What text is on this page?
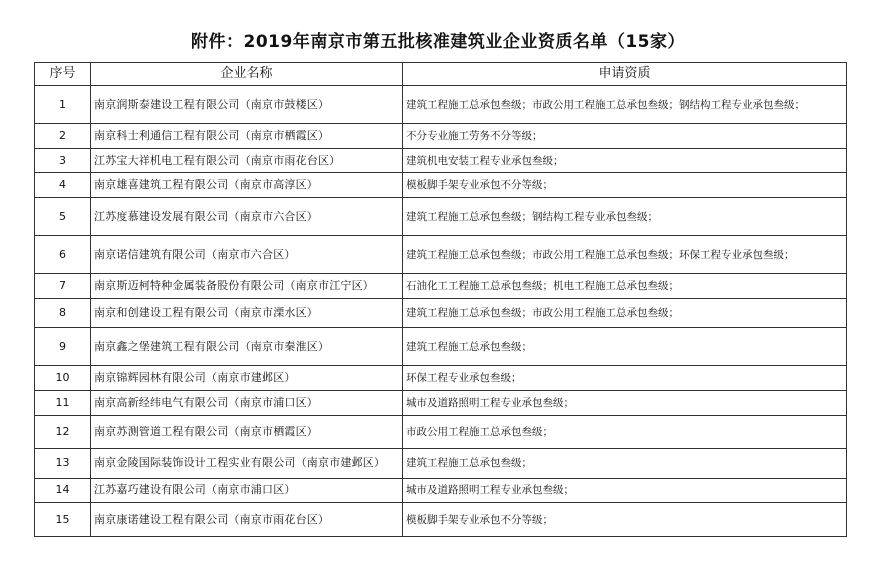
附件：2019年南京市第五批核准建筑业企业资质名单（15家）
序号	企业名称	申请资质
1	南京润斯泰建设工程有限公司（南京市鼓楼区）	建筑工程施工总承包叁级；市政公用工程施工总承包叁级；钢结构工程专业承包叁级；
2	南京科士利通信工程有限公司（南京市栖霞区）	不分专业施工劳务不分等级；
3	江苏宝大祥机电工程有限公司（南京市雨花台区）	建筑机电安装工程专业承包叁级；
4	南京雄喜建筑工程有限公司（南京市高淳区）	模板脚手架专业承包不分等级；
5	江苏度慕建设发展有限公司（南京市六合区）	建筑工程施工总承包叁级；钢结构工程专业承包叁级；
6	南京诺信建筑有限公司（南京市六合区）	建筑工程施工总承包叁级；市政公用工程施工总承包叁级；环保工程专业承包叁级；
7	南京斯迈柯特种金属装备股份有限公司（南京市江宁区）	石油化工工程施工总承包叁级；机电工程施工总承包叁级；
8	南京和创建设工程有限公司（南京市溧水区）	建筑工程施工总承包叁级；市政公用工程施工总承包叁级；
9	南京鑫之堡建筑工程有限公司（南京市秦淮区）	建筑工程施工总承包叁级；
10	南京锦辉园林有限公司（南京市建邺区）	环保工程专业承包叁级；
11	南京高新经纬电气有限公司（南京市浦口区）	城市及道路照明工程专业承包叁级；
12	南京苏测管道工程有限公司（南京市栖霞区）	市政公用工程施工总承包叁级；
13	南京金陵国际装饰设计工程实业有限公司（南京市建邺区）	建筑工程施工总承包叁级；
14	江苏嘉巧建设有限公司（南京市浦口区）	城市及道路照明工程专业承包叁级；
15	南京康诺建设工程有限公司（南京市雨花台区）	模板脚手架专业承包不分等级；
